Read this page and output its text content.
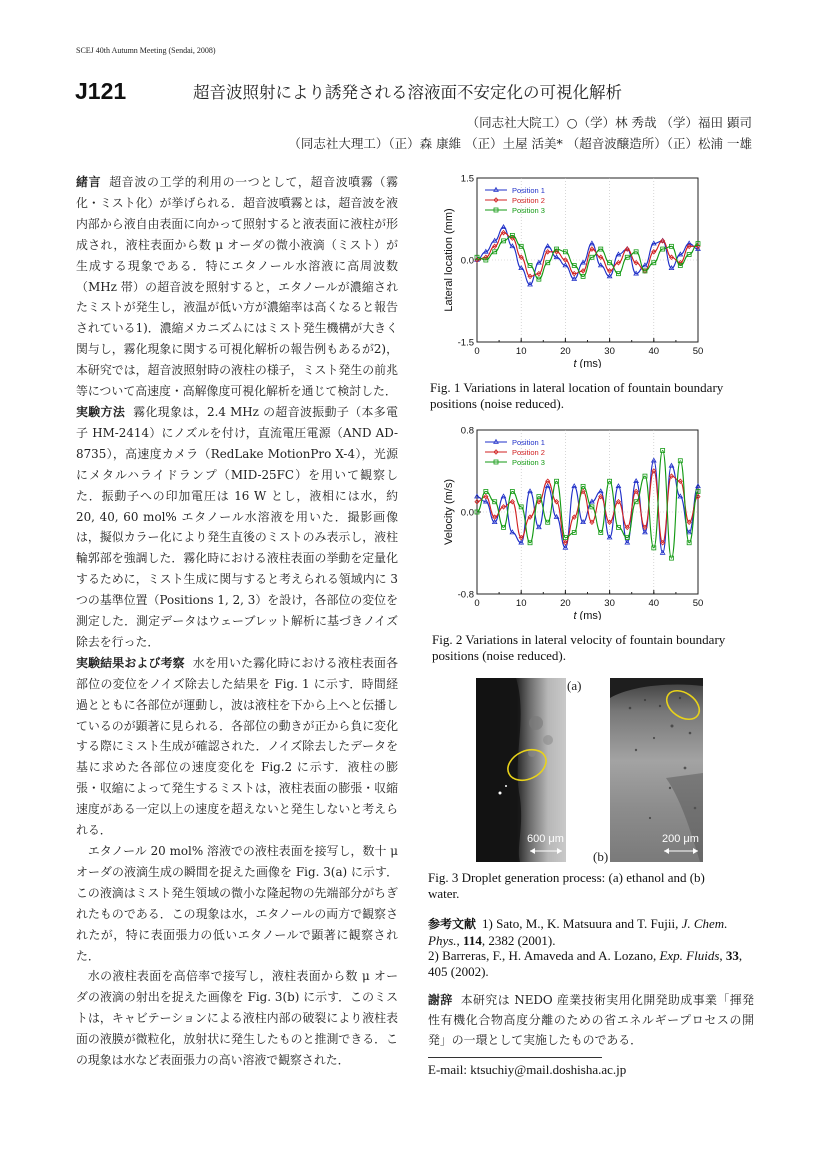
SCEJ 40th Autumn Meeting (Sendai, 2008)
J121	超音波照射により誘発される溶液面不安定化の可視化解析
（同志社大院工）○（学）林 秀哉 （学）福田 顕司
（同志社大理工）（正）森 康維 （正）土屋 活美* （超音波醸造所）（正）松浦 一雄

緒言 超音波の工学的利用の一つとして，超音波噴霧（霧化・ミスト化）が挙げられる．超音波噴霧とは，超音波を液内部から液自由表面に向かって照射すると液表面に液柱が形成され，液柱表面から数 μ オーダの微小液滴（ミスト）が生成する現象である．特にエタノール水溶液に高周波数（MHz 帯）の超音波を照射すると，エタノールが濃縮されたミストが発生し，液温が低い方が濃縮率は高くなると報告されている1)．濃縮メカニズムにはミスト発生機構が大きく関与し，霧化現象に関する可視化解析の報告例もあるが2)，本研究では，超音波照射時の液柱の様子，ミスト発生の前兆等について高速度・高解像度可視化解析を通じて検討した．

実験方法 霧化現象は，2.4 MHz の超音波振動子（本多電子 HM-2414）にノズルを付け，直流電圧電源（AND AD-8735），高速度カメラ（RedLake MotionPro X-4），光源にメタルハライドランプ（MID-25FC）を用いて観察した．振動子への印加電圧は 16 W とし，液相には水，約 20, 40, 60 mol% エタノール水溶液を用いた．撮影画像は，擬似カラー化により発生直後のミストのみ表示し，液柱輪郭部を強調した．霧化時における液柱表面の挙動を定量化するために，ミスト生成に関与すると考えられる領域内に 3 つの基準位置（Positions 1, 2, 3）を設け，各部位の変位を測定した．測定データはウェーブレット解析に基づきノイズ除去を行った．

実験結果および考察 水を用いた霧化時における液柱表面各部位の変位をノイズ除去した結果を Fig. 1 に示す．時間経過とともに各部位が運動し，波は液柱を下から上へと伝播しているのが顕著に見られる．各部位の動きが正から負に変化する際にミスト生成が確認された．ノイズ除去したデータを基に求めた各部位の速度変化を Fig.2 に示す．液柱の膨張・収縮によって発生するミストは，液柱表面の膨張・収縮速度がある一定以上の速度を超えないと発生しないと考えられる．

エタノール 20 mol% 溶液での液柱表面を接写し，数十 μ オーダの液滴生成の瞬間を捉えた画像を Fig. 3(a) に示す．この液滴はミスト発生領域の微小な隆起物の先端部分がちぎれたものである．この現象は水，エタノールの両方で観察されたが，特に表面張力の低いエタノールで顕著に観察された．

水の液柱表面を高倍率で接写し，液柱表面から数 μ オーダの液滴の射出を捉えた画像を Fig. 3(b) に示す．このミストは，キャビテーションによる液柱内部の破裂により液柱表面の液膜が微粒化，放射状に発生したものと推測できる．この現象は水など表面張力の高い溶液で観察された．

0	10	20	30	40	50
-1.5
0.0
1.5
Lateral location (mm)
t (ms)
Position 1
Position 2
Position 3
Fig. 1 Variations in lateral location of fountain boundary positions (noise reduced).
0	10	20	30	40	50
-0.8
0.0
0.8
Velocity (m/s)
t (ms)
Position 1
Position 2
Position 3
Fig. 2 Variations in lateral velocity of fountain boundary positions (noise reduced).
600 μm
(a)
200 μm
(b)
Fig. 3 Droplet generation process: (a) ethanol and (b) water.
参考文献 1) Sato, M., K. Matsuura and T. Fujii, J. Chem. Phys., 114, 2382 (2001).
2) Barreras, F., H. Amaveda and A. Lozano, Exp. Fluids, 33, 405 (2002).
謝辞 本研究は NEDO 産業技術実用化開発助成事業「揮発性有機化合物高度分離のための省エネルギープロセスの開発」の一環として実施したものである．
E-mail: ktsuchiy@mail.doshisha.ac.jp
